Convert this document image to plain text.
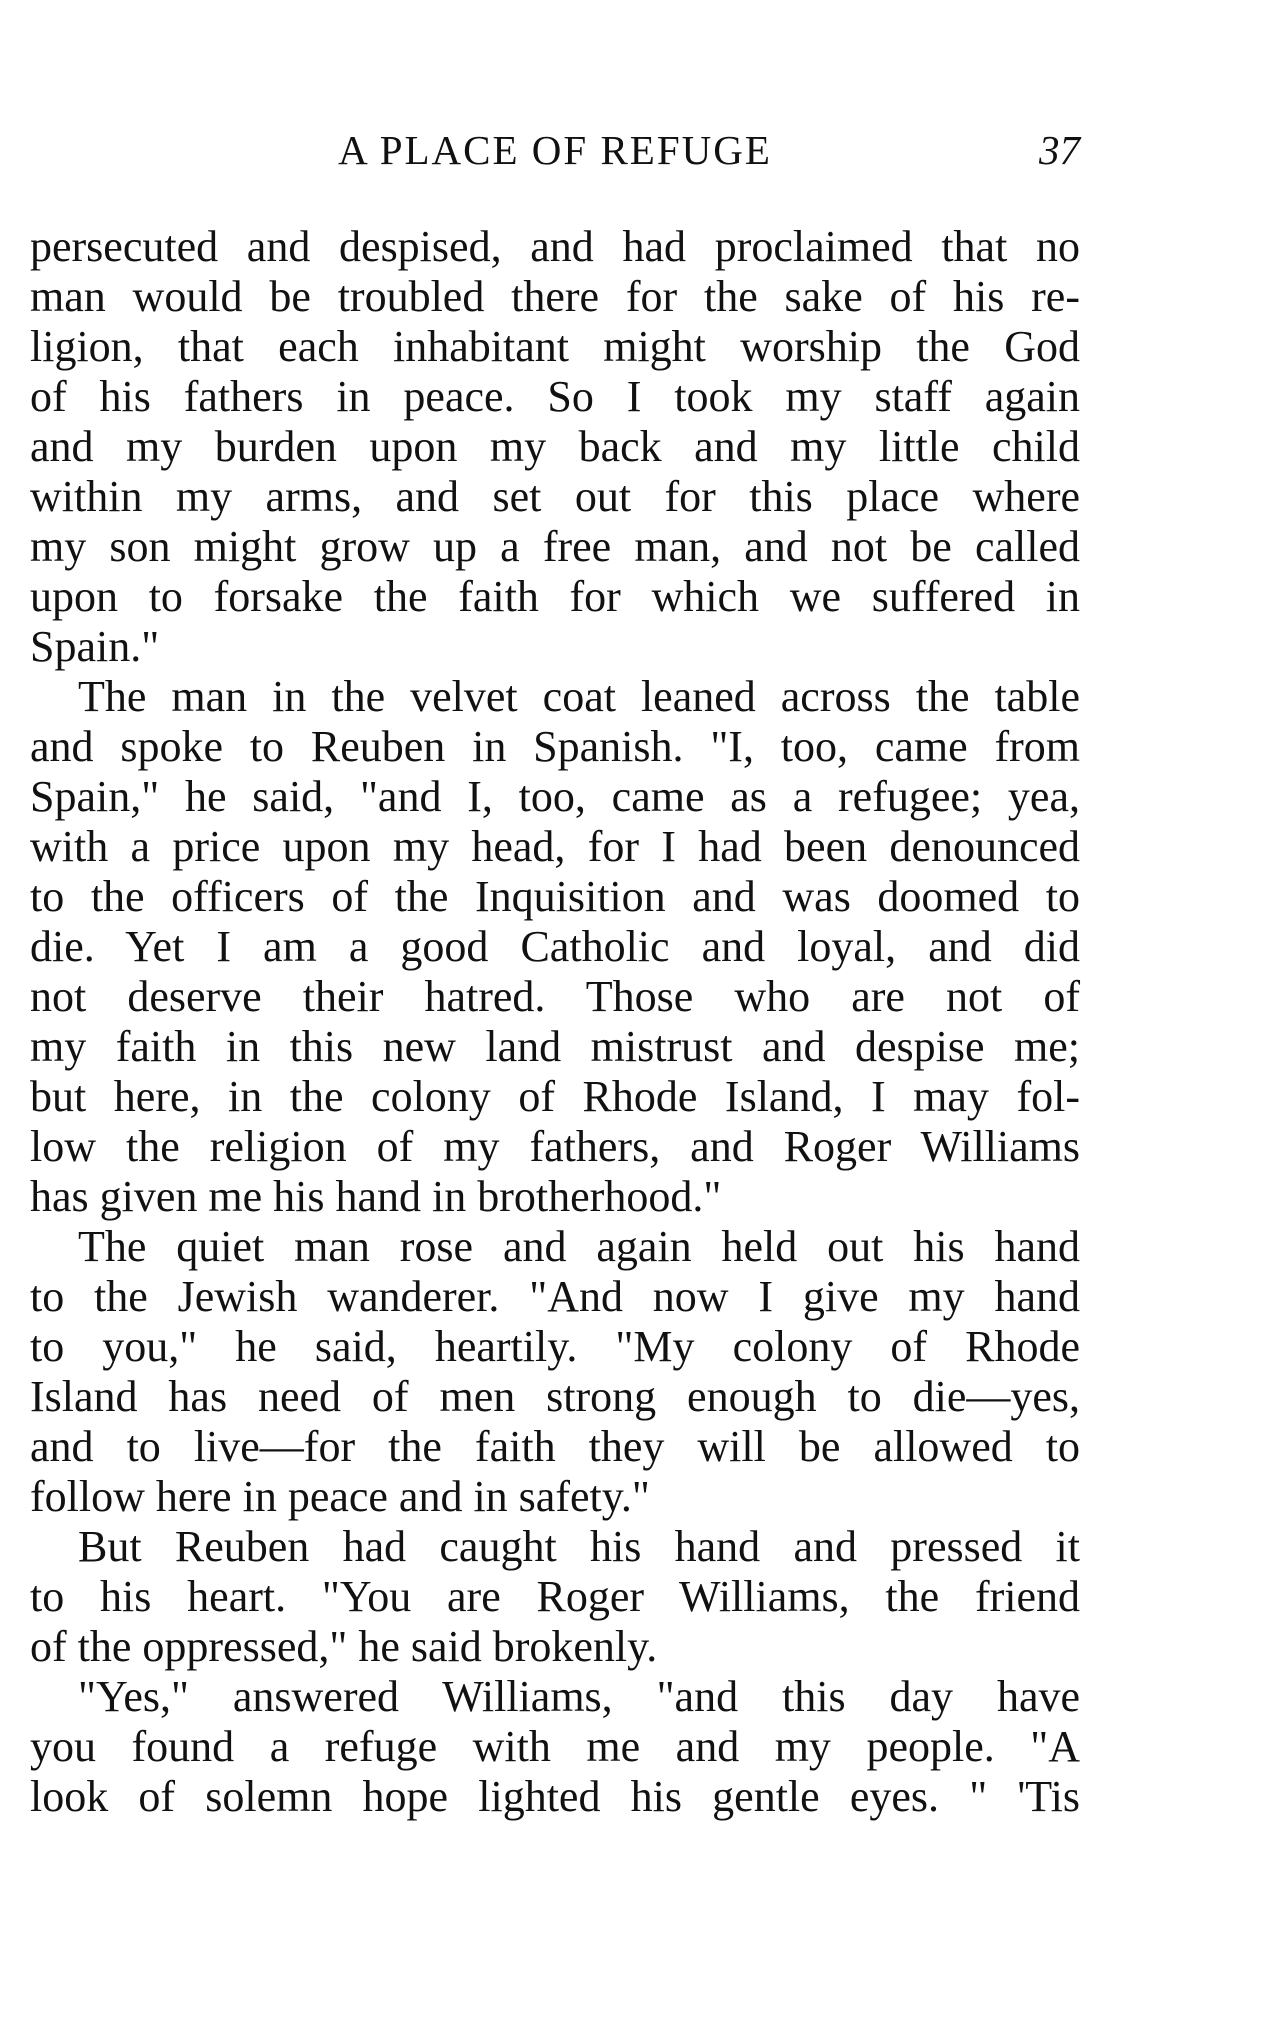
A PLACE OF REFUGE	37
persecuted and despised, and had proclaimed that no
man would be troubled there for the sake of his re-
ligion, that each inhabitant might worship the God
of his fathers in peace. So I took my staff again
and my burden upon my back and my little child
within my arms, and set out for this place where
my son might grow up a free man, and not be called
upon to forsake the faith for which we suffered in
Spain."
The man in the velvet coat leaned across the table
and spoke to Reuben in Spanish. "I, too, came from
Spain," he said, "and I, too, came as a refugee; yea,
with a price upon my head, for I had been denounced
to the officers of the Inquisition and was doomed to
die. Yet I am a good Catholic and loyal, and did
not deserve their hatred. Those who are not of
my faith in this new land mistrust and despise me;
but here, in the colony of Rhode Island, I may fol-
low the religion of my fathers, and Roger Williams
has given me his hand in brotherhood."
The quiet man rose and again held out his hand
to the Jewish wanderer. "And now I give my hand
to you," he said, heartily. "My colony of Rhode
Island has need of men strong enough to die—yes,
and to live—for the faith they will be allowed to
follow here in peace and in safety."
But Reuben had caught his hand and pressed it
to his heart. "You are Roger Williams, the friend
of the oppressed," he said brokenly.
"Yes," answered Williams, "and this day have
you found a refuge with me and my people. "A
look of solemn hope lighted his gentle eyes. " 'Tis
